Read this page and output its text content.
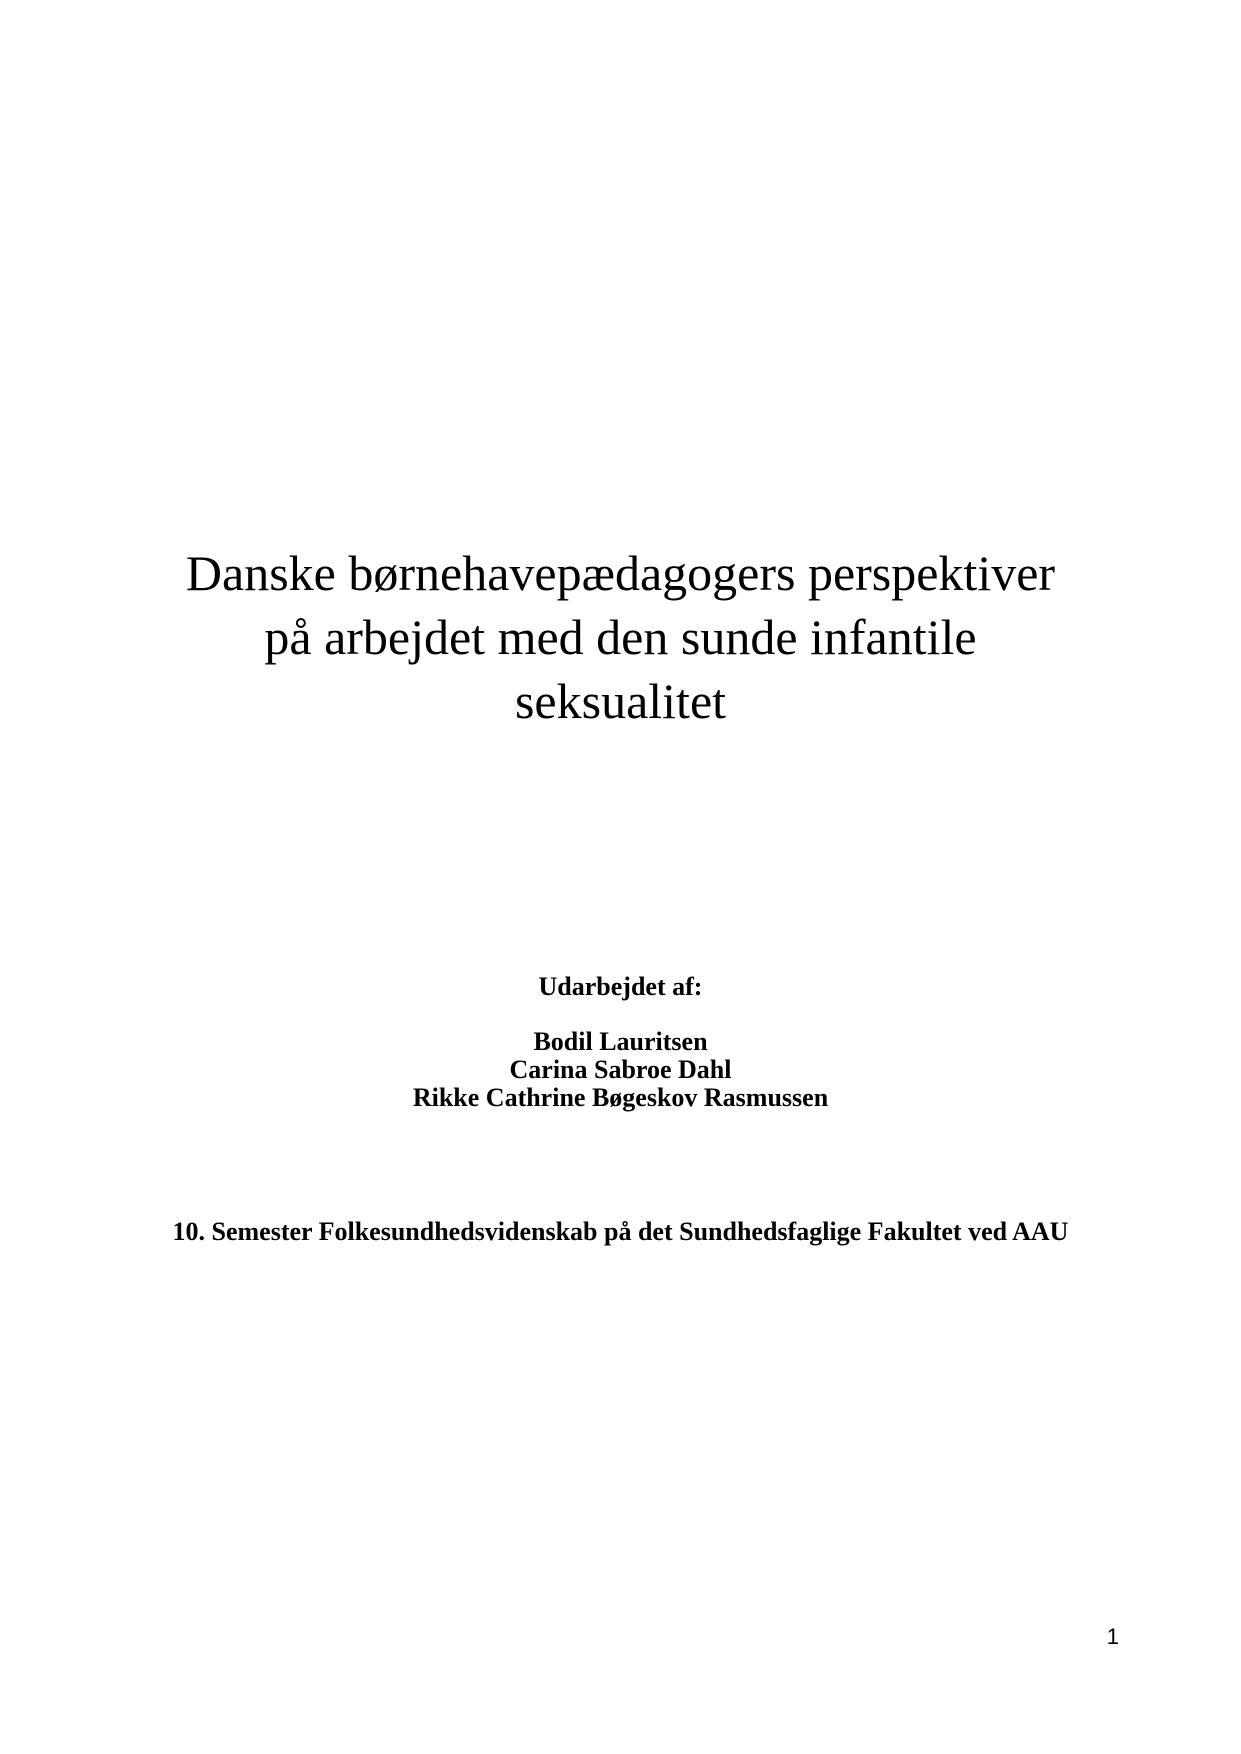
Danske børnehavepædagogers perspektiver
på arbejdet med den sunde infantile
seksualitet

Udarbejdet af:

Bodil Lauritsen
Carina Sabroe Dahl
Rikke Cathrine Bøgeskov Rasmussen

10. Semester Folkesundhedsvidenskab på det Sundhedsfaglige Fakultet ved AAU

1
